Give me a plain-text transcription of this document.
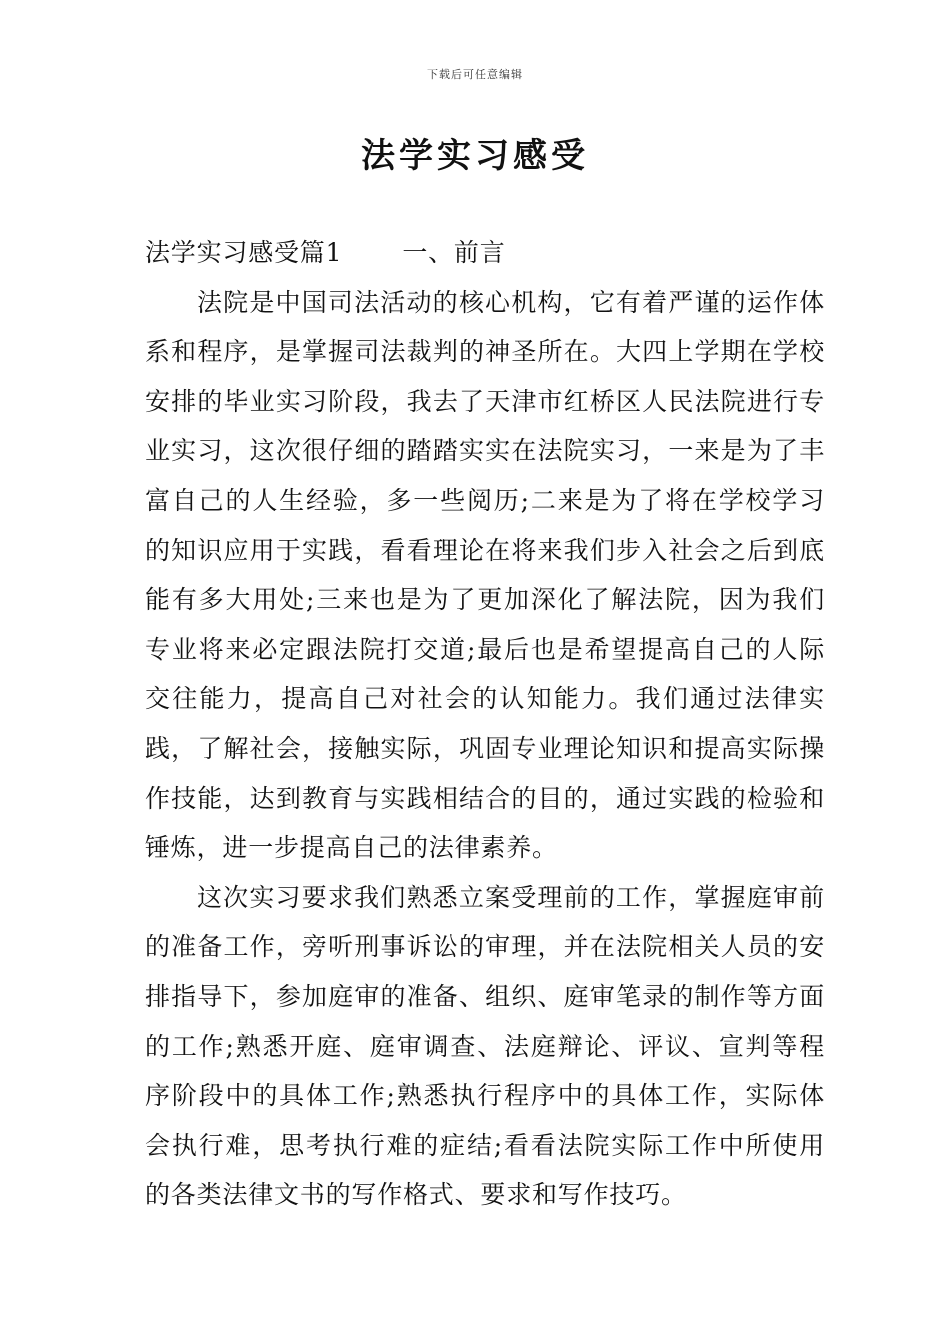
下载后可任意编辑
法学实习感受

法学实习感受篇1 一、前言

法院是中国司法活动的核心机构，它有着严谨的运作体系和程序，是掌握司法裁判的神圣所在。大四上学期在学校安排的毕业实习阶段，我去了天津市红桥区人民法院进行专业实习，这次很仔细的踏踏实实在法院实习，一来是为了丰富自己的人生经验，多一些阅历;二来是为了将在学校学习的知识应用于实践，看看理论在将来我们步入社会之后到底能有多大用处;三来也是为了更加深化了解法院，因为我们专业将来必定跟法院打交道;最后也是希望提高自己的人际交往能力，提高自己对社会的认知能力。我们通过法律实践，了解社会，接触实际，巩固专业理论知识和提高实际操作技能，达到教育与实践相结合的目的，通过实践的检验和锤炼，进一步提高自己的法律素养。

这次实习要求我们熟悉立案受理前的工作，掌握庭审前的准备工作，旁听刑事诉讼的审理，并在法院相关人员的安排指导下，参加庭审的准备、组织、庭审笔录的制作等方面的工作;熟悉开庭、庭审调查、法庭辩论、评议、宣判等程序阶段中的具体工作;熟悉执行程序中的具体工作，实际体会执行难，思考执行难的症结;看看法院实际工作中所使用的各类法律文书的写作格式、要求和写作技巧。
